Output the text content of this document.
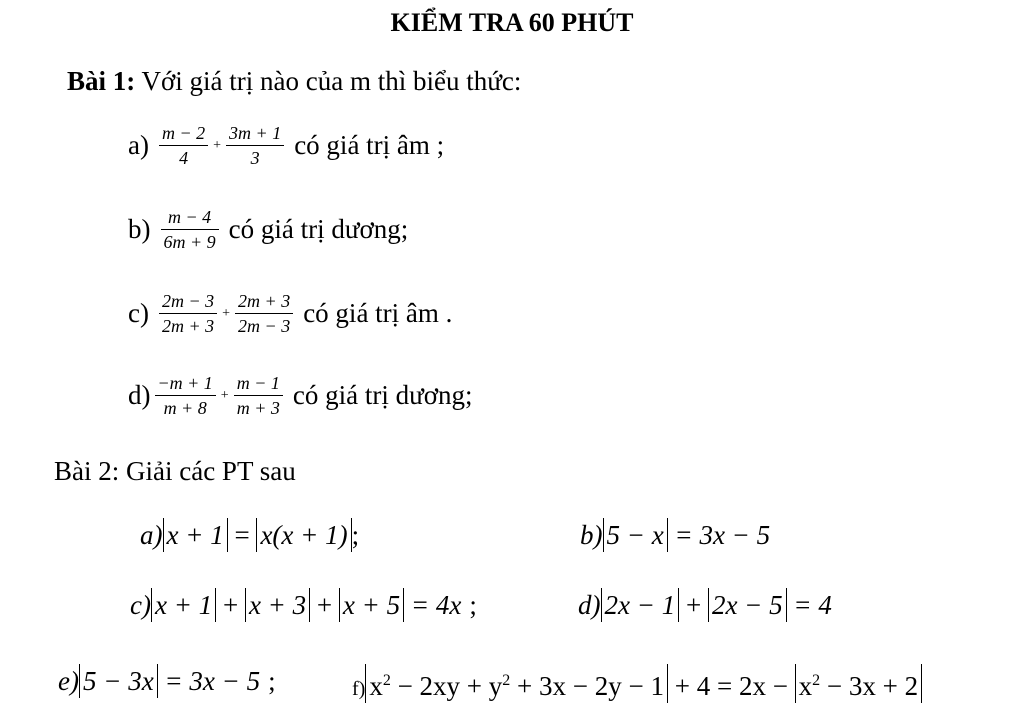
KIỂM TRA 60 PHÚT
Bài 1: Với giá trị nào của m thì biểu thức:
$a) \frac{m - 2}{4} + \frac{3m + 1}{3}$ có giá trị âm ;
$b) \frac{m - 4}{6m + 9}$ có giá trị dương;
$c) \frac{2m - 3}{2m + 3} + \frac{2m + 3}{2m - 3}$ có giá trị âm .
$d) \frac{-m + 1}{m + 8} + \frac{m - 1}{m + 3}$ có giá trị dương;
Bài 2: Giải các PT sau
a) x + 1 = x(x + 1) ;	b) 5 − x = 3x − 5
c) x + 1 + x + 3 + x + 5 = 4x ;	d) 2x − 1 + 2x − 5 = 4
e) 5 − 3x = 3x − 5 ;	f) $x^2 - 2xy + y^2 + 3x - 2y - 1 + 4 = 2x - x^2 - 3x + 2$
